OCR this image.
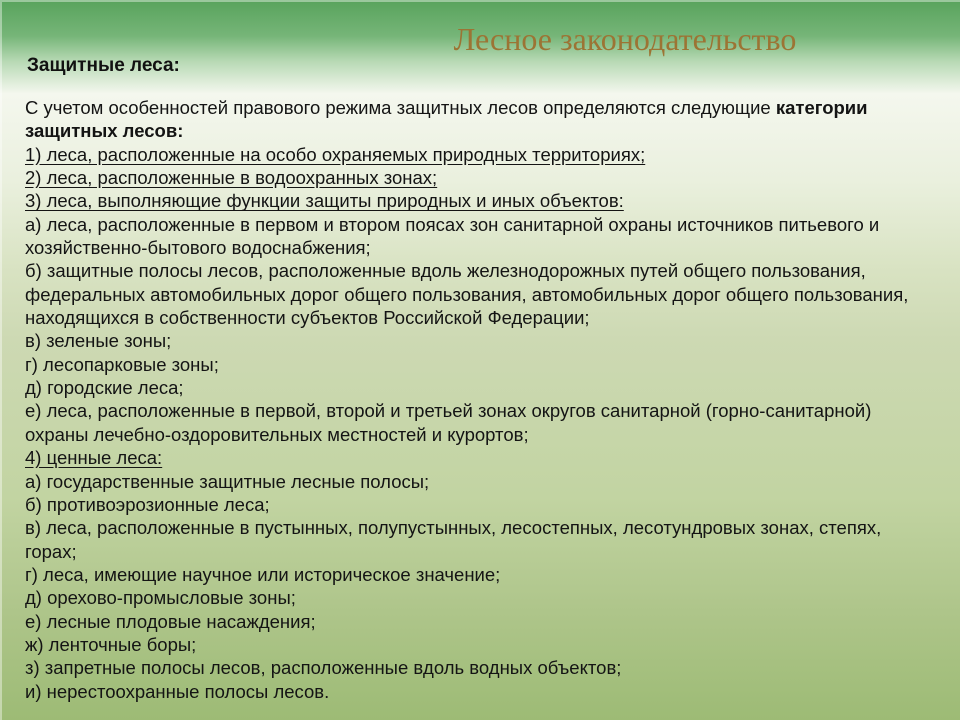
Лесное законодательство
Защитные леса:
С учетом особенностей правового режима защитных лесов определяются следующие категории защитных лесов:
1) леса, расположенные на особо охраняемых природных территориях;
2) леса, расположенные в водоохранных зонах;
3) леса, выполняющие функции защиты природных и иных объектов:
а) леса, расположенные в первом и втором поясах зон санитарной охраны источников питьевого и хозяйственно-бытового водоснабжения;
б) защитные полосы лесов, расположенные вдоль железнодорожных путей общего пользования, федеральных автомобильных дорог общего пользования, автомобильных дорог общего пользования, находящихся в собственности субъектов Российской Федерации;
в) зеленые зоны;
г) лесопарковые зоны;
д) городские леса;
е) леса, расположенные в первой, второй и третьей зонах округов санитарной (горно-санитарной) охраны лечебно-оздоровительных местностей и курортов;
4) ценные леса:
а) государственные защитные лесные полосы;
б) противоэрозионные леса;
в) леса, расположенные в пустынных, полупустынных, лесостепных, лесотундровых зонах, степях, горах;
г) леса, имеющие научное или историческое значение;
д) орехово-промысловые зоны;
е) лесные плодовые насаждения;
ж) ленточные боры;
з) запретные полосы лесов, расположенные вдоль водных объектов;
и) нерестоохранные полосы лесов.
